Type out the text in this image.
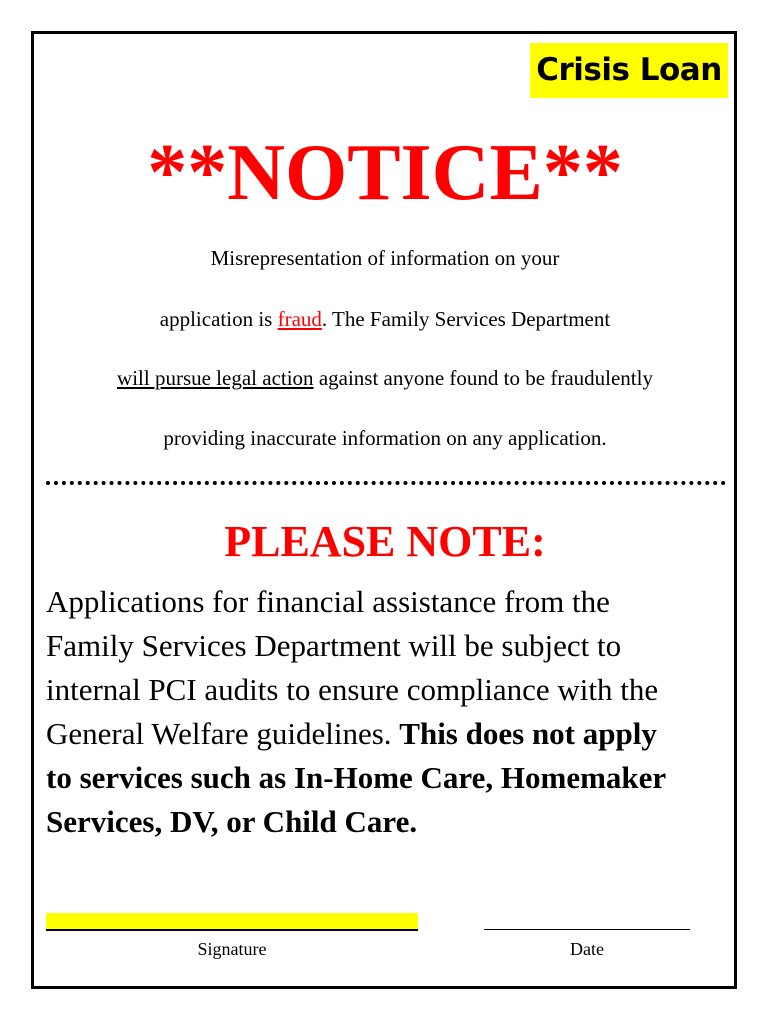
Crisis Loan
**NOTICE**
Misrepresentation of information on your
application is fraud. The Family Services Department
will pursue legal action against anyone found to be fraudulently
providing inaccurate information on any application.
PLEASE NOTE:
Applications for financial assistance from the
Family Services Department will be subject to
internal PCI audits to ensure compliance with the
General Welfare guidelines. This does not apply
to services such as In-Home Care, Homemaker
Services, DV, or Child Care.
Signature	Date
